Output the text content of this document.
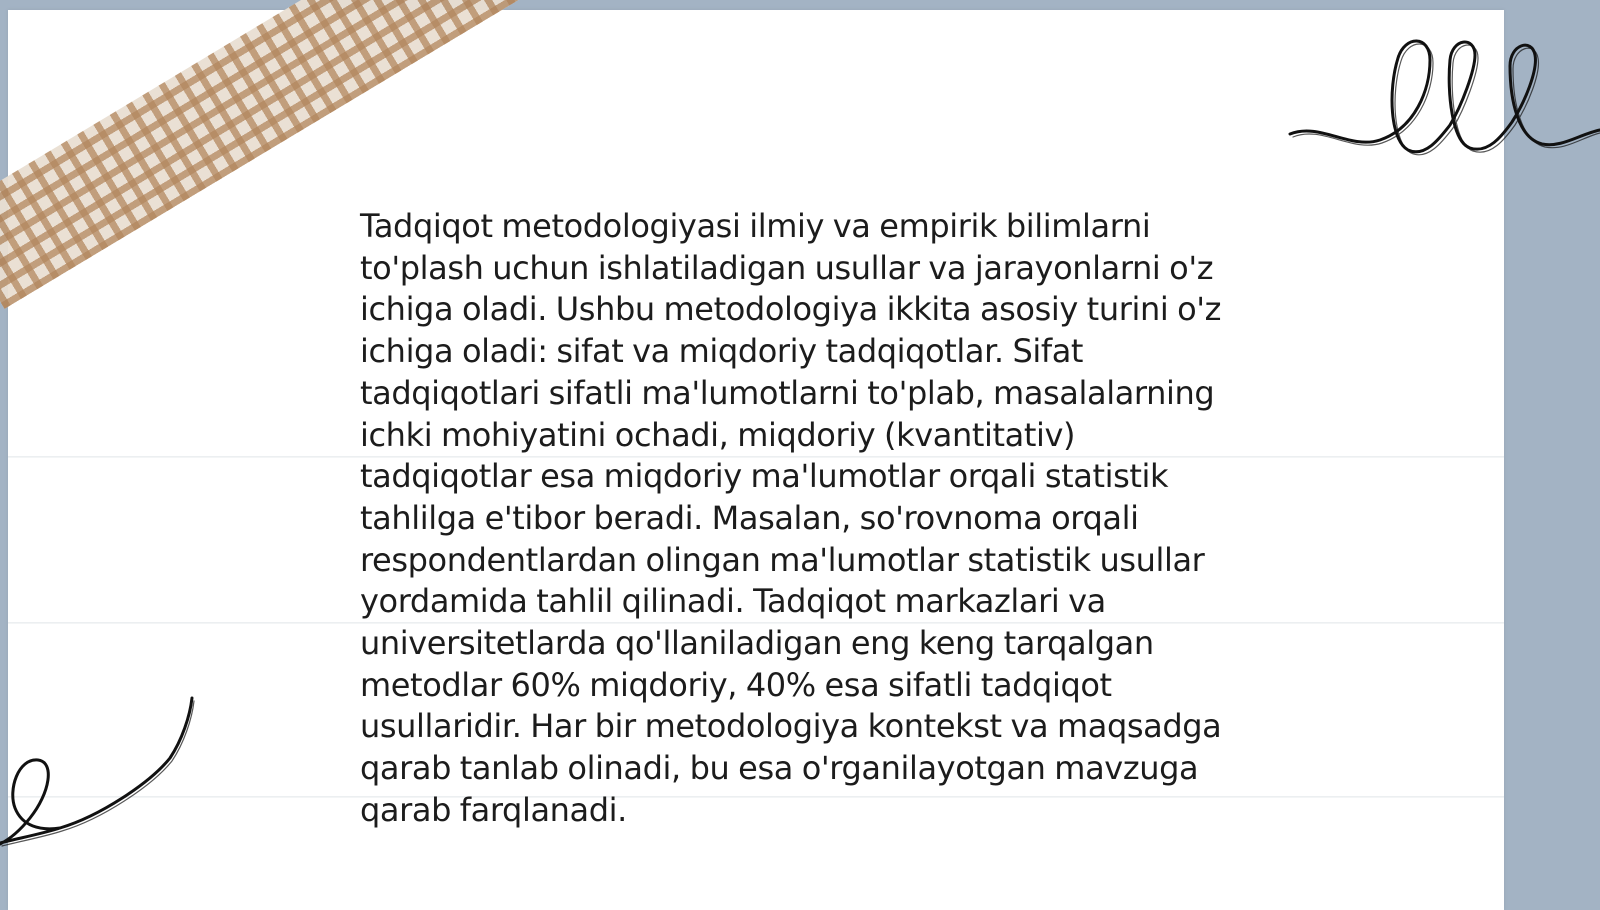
Tadqiqot metodologiyasi ilmiy va empirik bilimlarni to'plash uchun ishlatiladigan usullar va jarayonlarni o'z ichiga oladi. Ushbu metodologiya ikkita asosiy turini o'z ichiga oladi: sifat va miqdoriy tadqiqotlar. Sifat tadqiqotlari sifatli ma'lumotlarni to'plab, masalalarning ichki mohiyatini ochadi, miqdoriy (kvantitativ) tadqiqotlar esa miqdoriy ma'lumotlar orqali statistik tahlilga e'tibor beradi. Masalan, so'rovnoma orqali respondentlardan olingan ma'lumotlar statistik usullar yordamida tahlil qilinadi. Tadqiqot markazlari va universitetlarda qo'llaniladigan eng keng tarqalgan metodlar 60% miqdoriy, 40% esa sifatli tadqiqot usullaridir. Har bir metodologiya kontekst va maqsadga qarab tanlab olinadi, bu esa o'rganilayotgan mavzuga qarab farqlanadi.
